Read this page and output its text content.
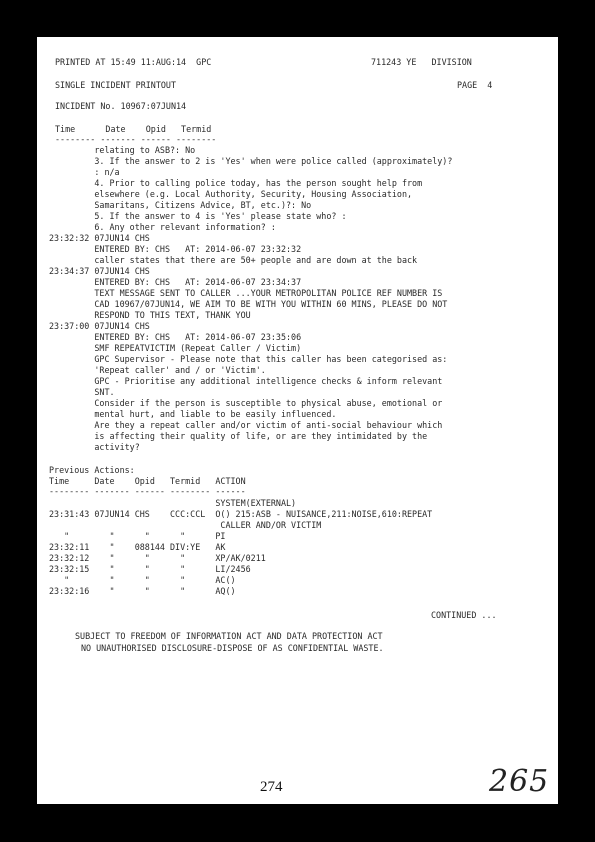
PRINTED AT 15:49 11:AUG:14  GPC	711243 YE   DIVISION
SINGLE INCIDENT PRINTOUT	PAGE  4
INCIDENT No. 10967:07JUN14
Time      Date    Opid   Termid
-------- ------- ------ --------
relating to ASB?: No
3. If the answer to 2 is 'Yes' when were police called (approximately)?
: n/a
4. Prior to calling police today, has the person sought help from
elsewhere (e.g. Local Authority, Security, Housing Association,
Samaritans, Citizens Advice, BT, etc.)?: No
5. If the answer to 4 is 'Yes' please state who? :
6. Any other relevant information? :
23:32:32 07JUN14 CHS
ENTERED BY: CHS   AT: 2014-06-07 23:32:32
caller states that there are 50+ people and are down at the back
23:34:37 07JUN14 CHS
ENTERED BY: CHS   AT: 2014-06-07 23:34:37
TEXT MESSAGE SENT TO CALLER ...YOUR METROPOLITAN POLICE REF NUMBER IS
CAD 10967/07JUN14, WE AIM TO BE WITH YOU WITHIN 60 MINS, PLEASE DO NOT
RESPOND TO THIS TEXT, THANK YOU
23:37:00 07JUN14 CHS
ENTERED BY: CHS   AT: 2014-06-07 23:35:06
SMF REPEATVICTIM (Repeat Caller / Victim)
GPC Supervisor - Please note that this caller has been categorised as:
'Repeat caller' and / or 'Victim'.
GPC - Prioritise any additional intelligence checks & inform relevant
SNT.
Consider if the person is susceptible to physical abuse, emotional or
mental hurt, and liable to be easily influenced.
Are they a repeat caller and/or victim of anti-social behaviour which
is affecting their quality of life, or are they intimidated by the
activity?
Previous Actions:
Time     Date    Opid   Termid   ACTION
-------- ------- ------ -------- ------
SYSTEM(EXTERNAL)
23:31:43 07JUN14 CHS    CCC:CCL  O() 215:ASB - NUISANCE,211:NOISE,610:REPEAT
CALLER AND/OR VICTIM
"        "      "      "      PI
23:32:11    "    088144 DIV:YE   AK
23:32:12    "      "      "      XP/AK/0211
23:32:15    "      "      "      LI/2456
"        "      "      "      AC()
23:32:16    "      "      "      AQ()
CONTINUED ...
SUBJECT TO FREEDOM OF INFORMATION ACT AND DATA PROTECTION ACT
NO UNAUTHORISED DISCLOSURE-DISPOSE OF AS CONFIDENTIAL WASTE.
274	265
